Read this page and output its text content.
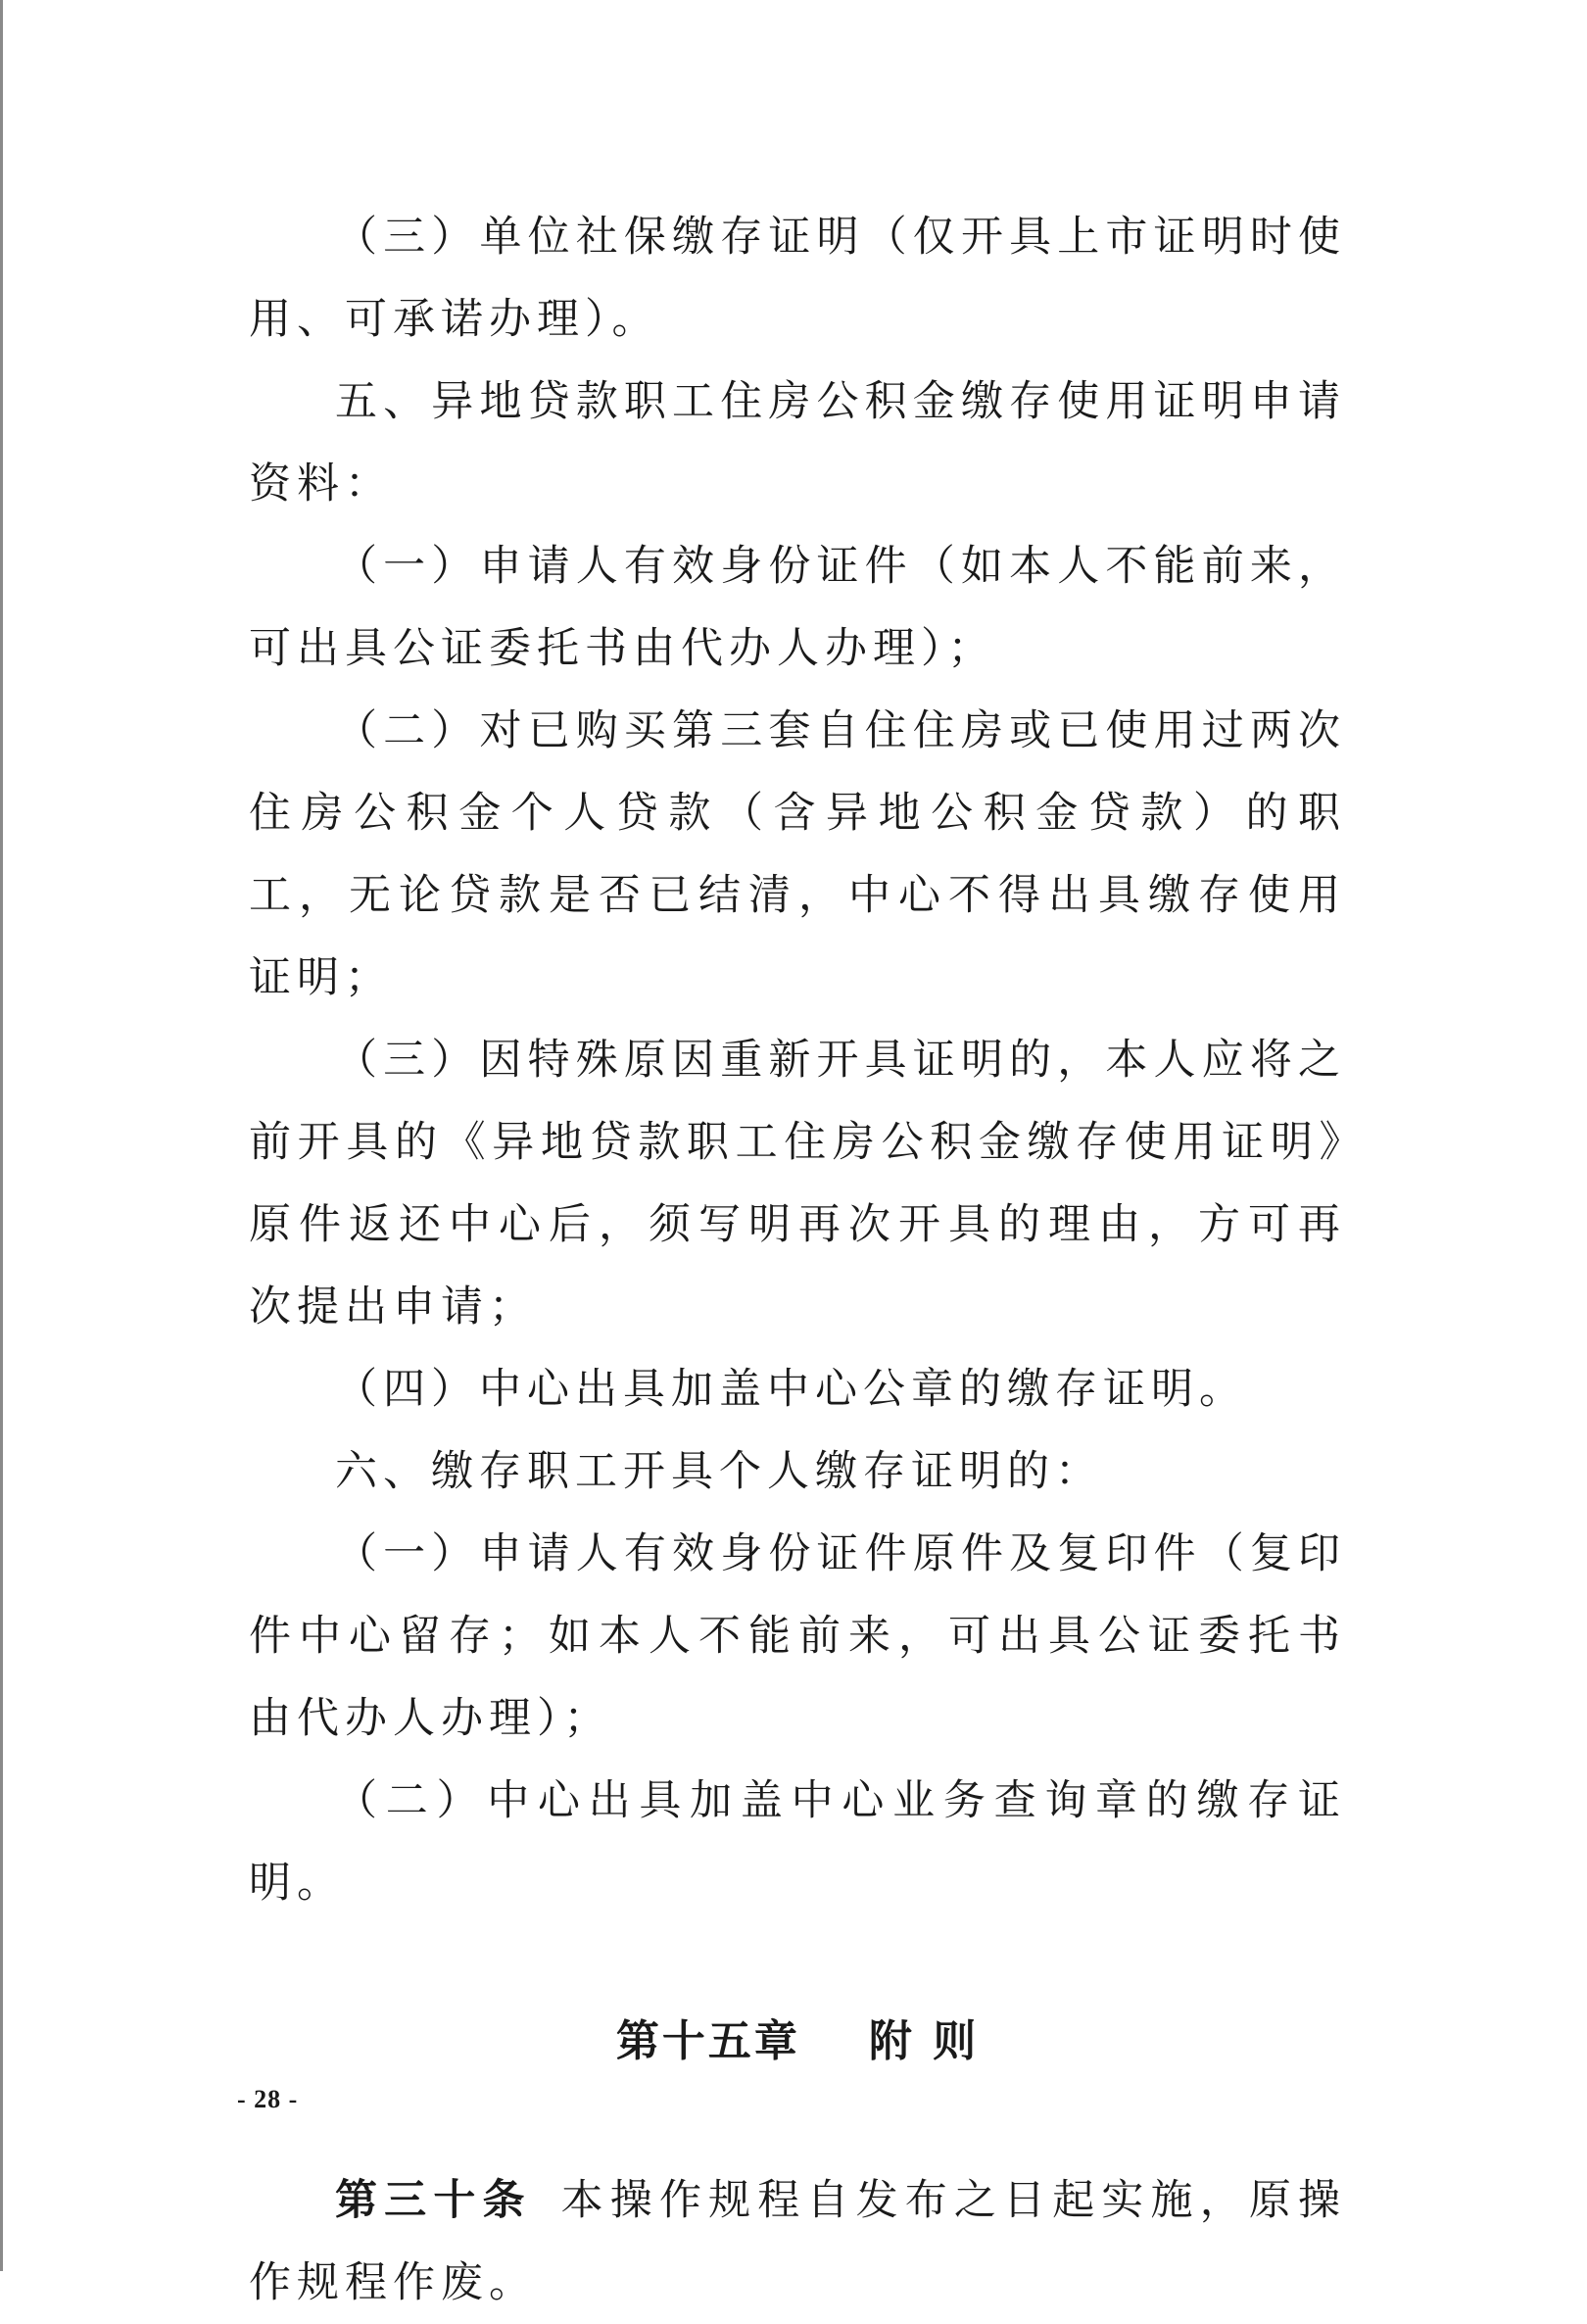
（三）单位社保缴存证明（仅开具上市证明时使用、可承诺办理）。

五、异地贷款职工住房公积金缴存使用证明申请资料：

（一）申请人有效身份证件（如本人不能前来，可出具公证委托书由代办人办理）；

（二）对已购买第三套自住住房或已使用过两次住房公积金个人贷款（含异地公积金贷款）的职工，无论贷款是否已结清，中心不得出具缴存使用证明；

（三）因特殊原因重新开具证明的，本人应将之前开具的《异地贷款职工住房公积金缴存使用证明》原件返还中心后，须写明再次开具的理由，方可再次提出申请；

（四）中心出具加盖中心公章的缴存证明。

六、缴存职工开具个人缴存证明的：

（一）申请人有效身份证件原件及复印件（复印件中心留存；如本人不能前来，可出具公证委托书由代办人办理）；

（二）中心出具加盖中心业务查询章的缴存证明。

第十五章 附 则

第三十条 本操作规程自发布之日起实施，原操作规程作废。

- 28 -
